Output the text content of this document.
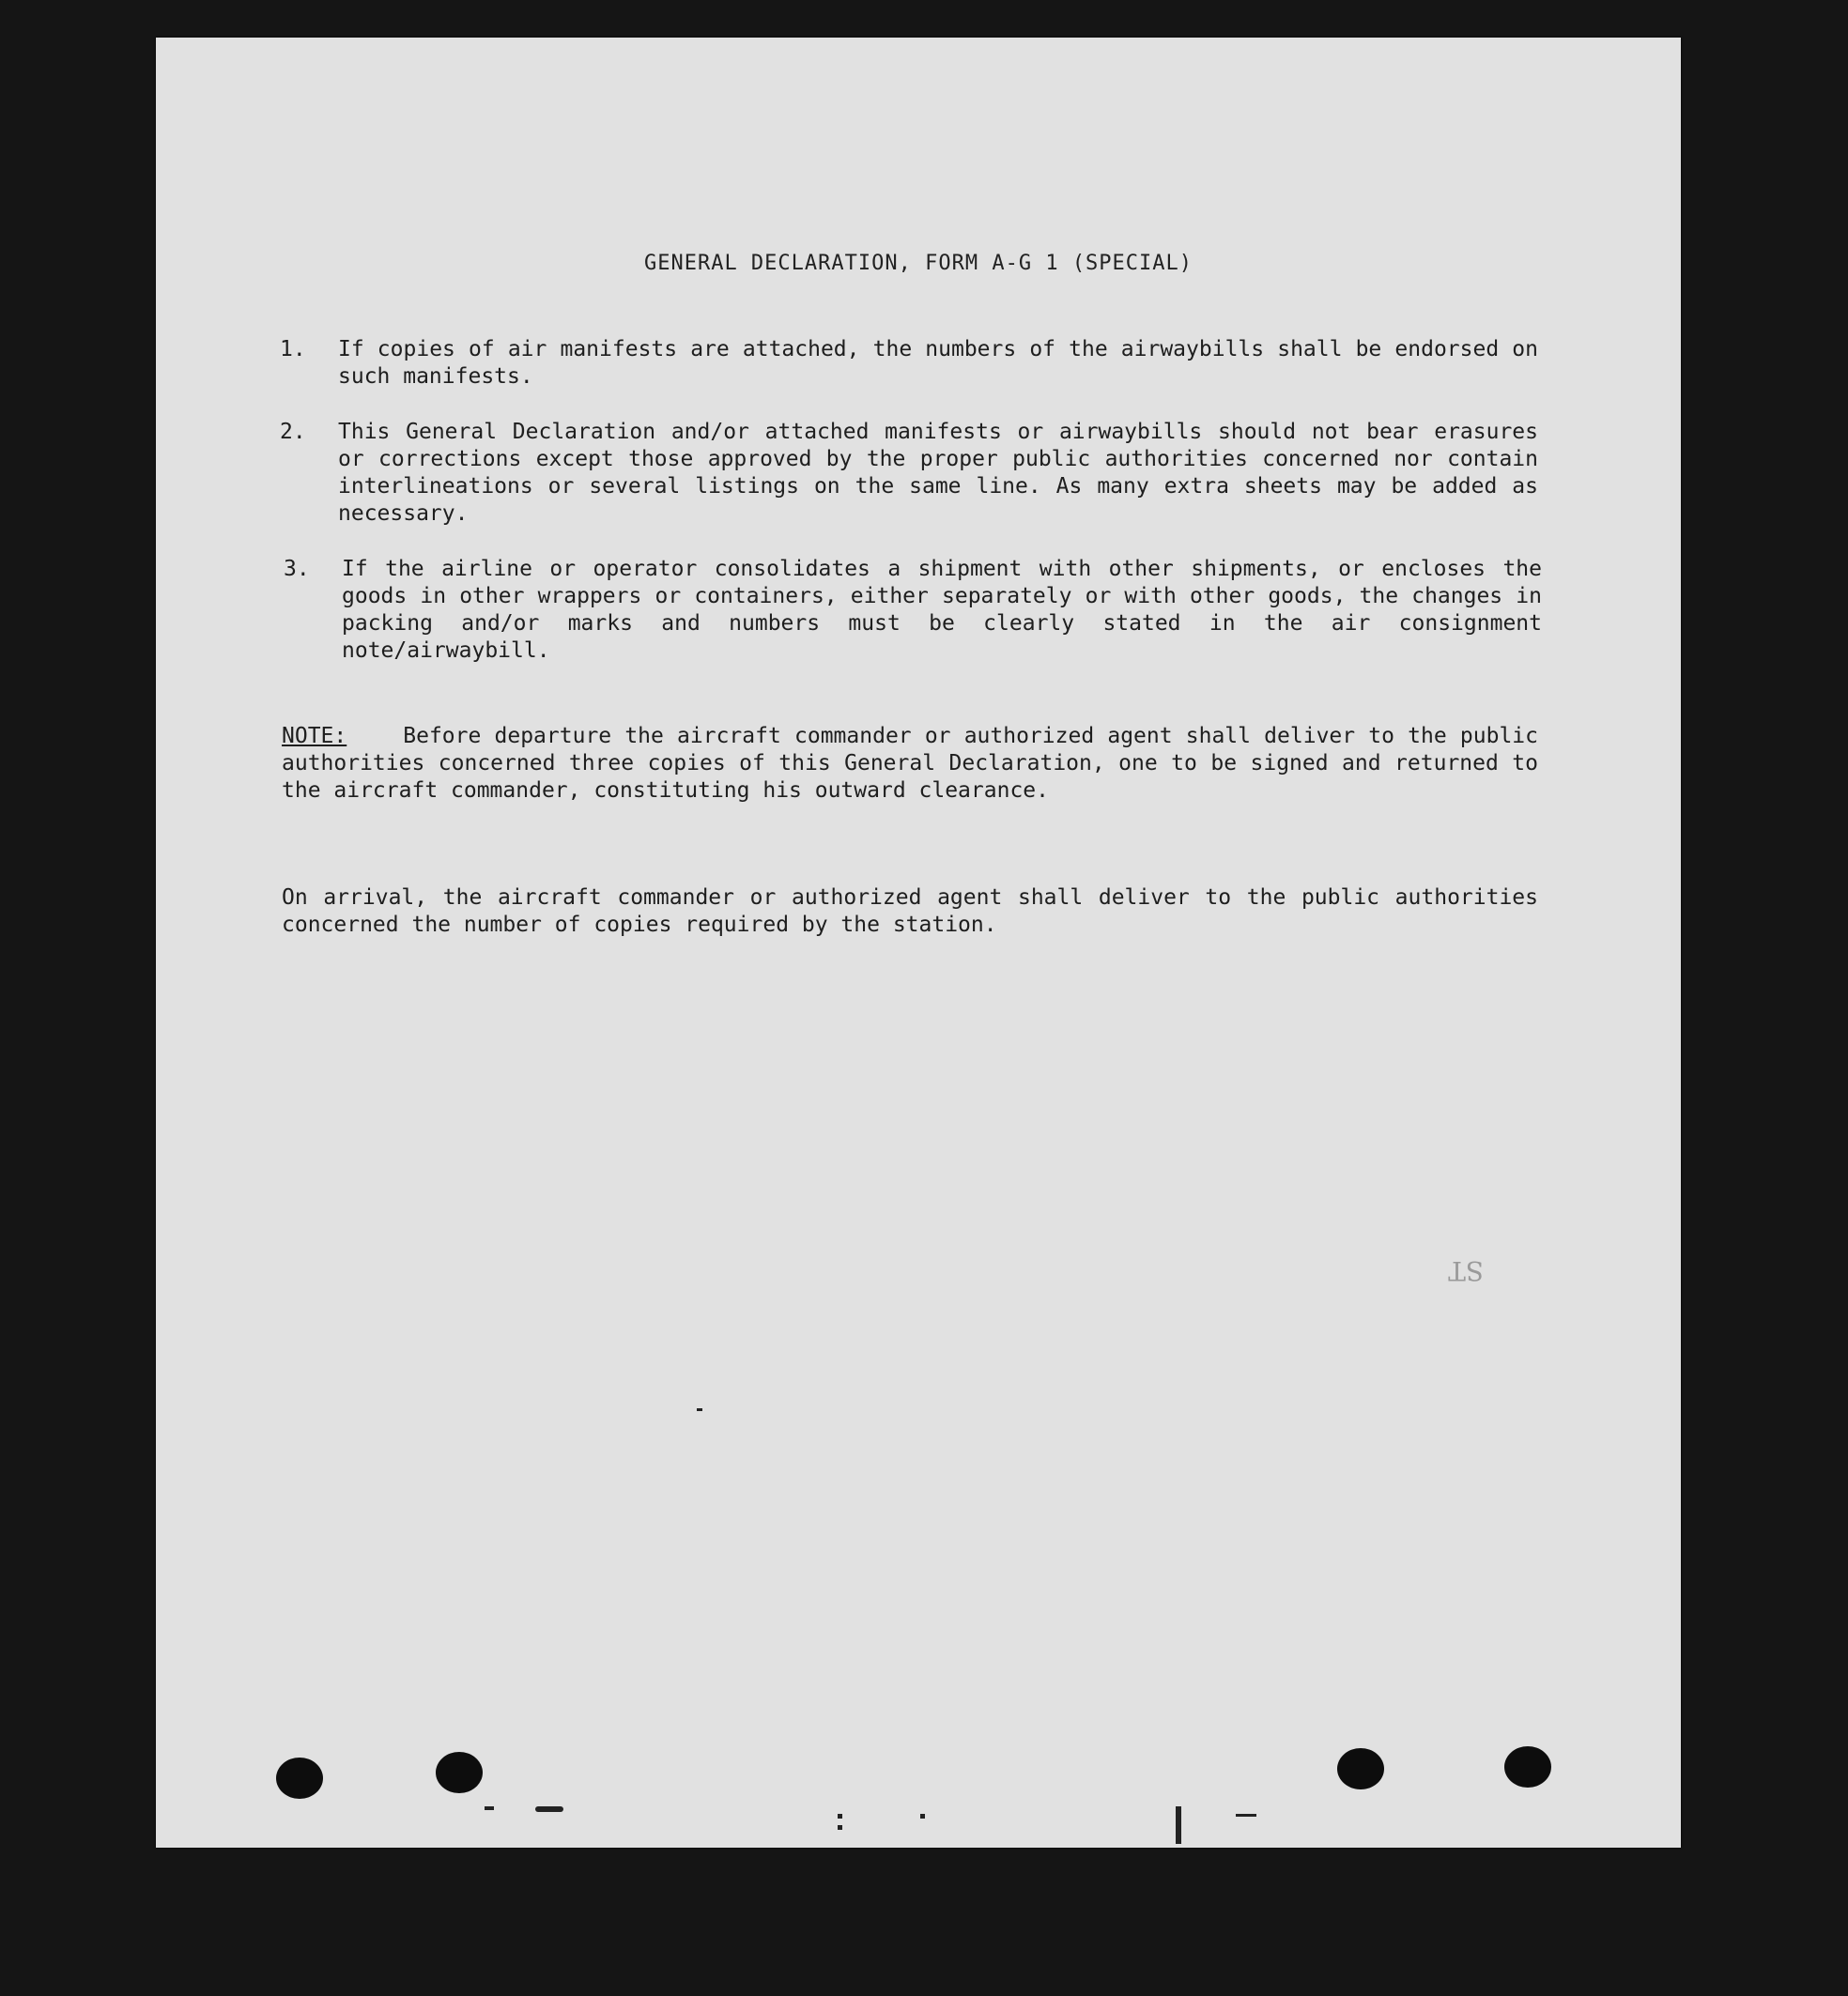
GENERAL DECLARATION, FORM A-G 1 (SPECIAL)
1.	If copies of air manifests are attached, the numbers of the airwaybills shall be endorsed on such manifests.
2.	This General Declaration and/or attached manifests or airwaybills should not bear erasures or corrections except those approved by the proper public authorities concerned nor contain interlineations or several listings on the same line. As many extra sheets may be added as necessary.
3.	If the airline or operator consolidates a shipment with other shipments, or encloses the goods in other wrappers or containers, either separately or with other goods, the changes in packing and/or marks and numbers must be clearly stated in the air consignment note/airwaybill.
NOTE:	Before departure the aircraft commander or authorized agent shall deliver to the public authorities concerned three copies of this General Declaration, one to be signed and returned to the aircraft commander, constituting his outward clearance.
On arrival, the aircraft commander or authorized agent shall deliver to the public authorities concerned the number of copies required by the station.
ST
